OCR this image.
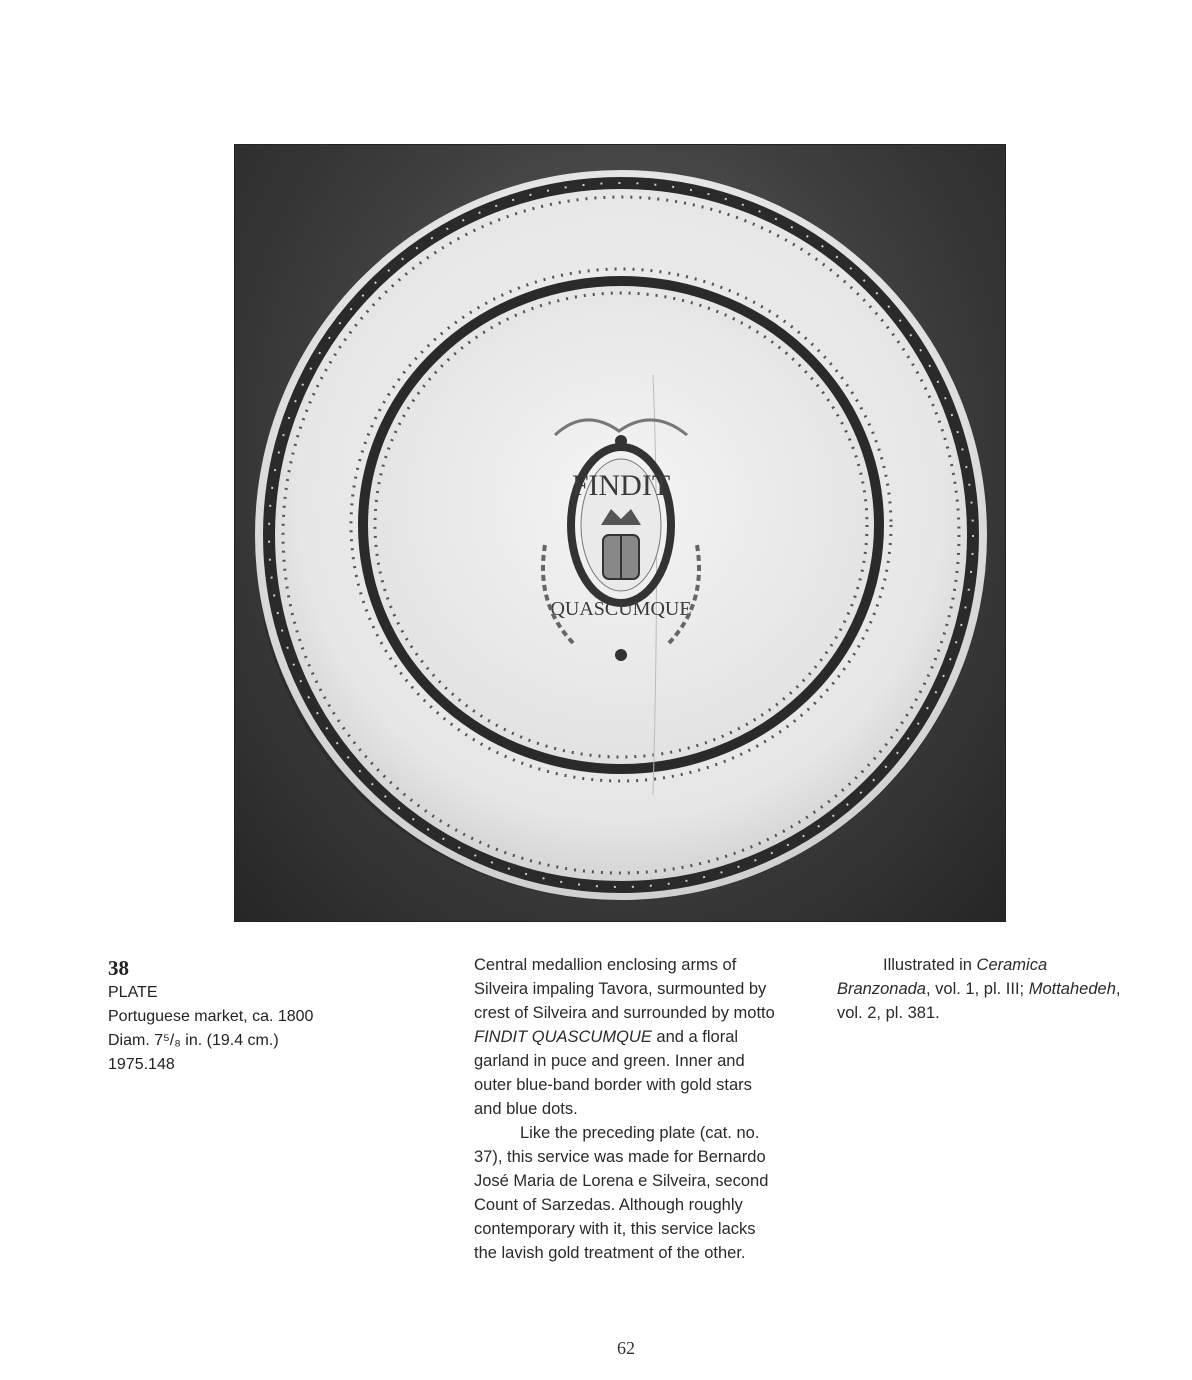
FINDIT
QUASCUMQUE
38
PLATE
Portuguese market, ca. 1800
Diam. 7⁵/₈ in. (19.4 cm.)
1975.148

Central medallion enclosing arms of Silveira impaling Tavora, surmounted by crest of Silveira and surrounded by motto FINDIT QUASCUMQUE and a floral garland in puce and green. Inner and outer blue-band border with gold stars and blue dots.

Like the preceding plate (cat. no. 37), this service was made for Bernardo José Maria de Lorena e Silveira, second Count of Sarzedas. Although roughly contemporary with it, this service lacks the lavish gold treatment of the other.

Illustrated in Ceramica Branzonada, vol. 1, pl. III; Mottahedeh, vol. 2, pl. 381.

62
